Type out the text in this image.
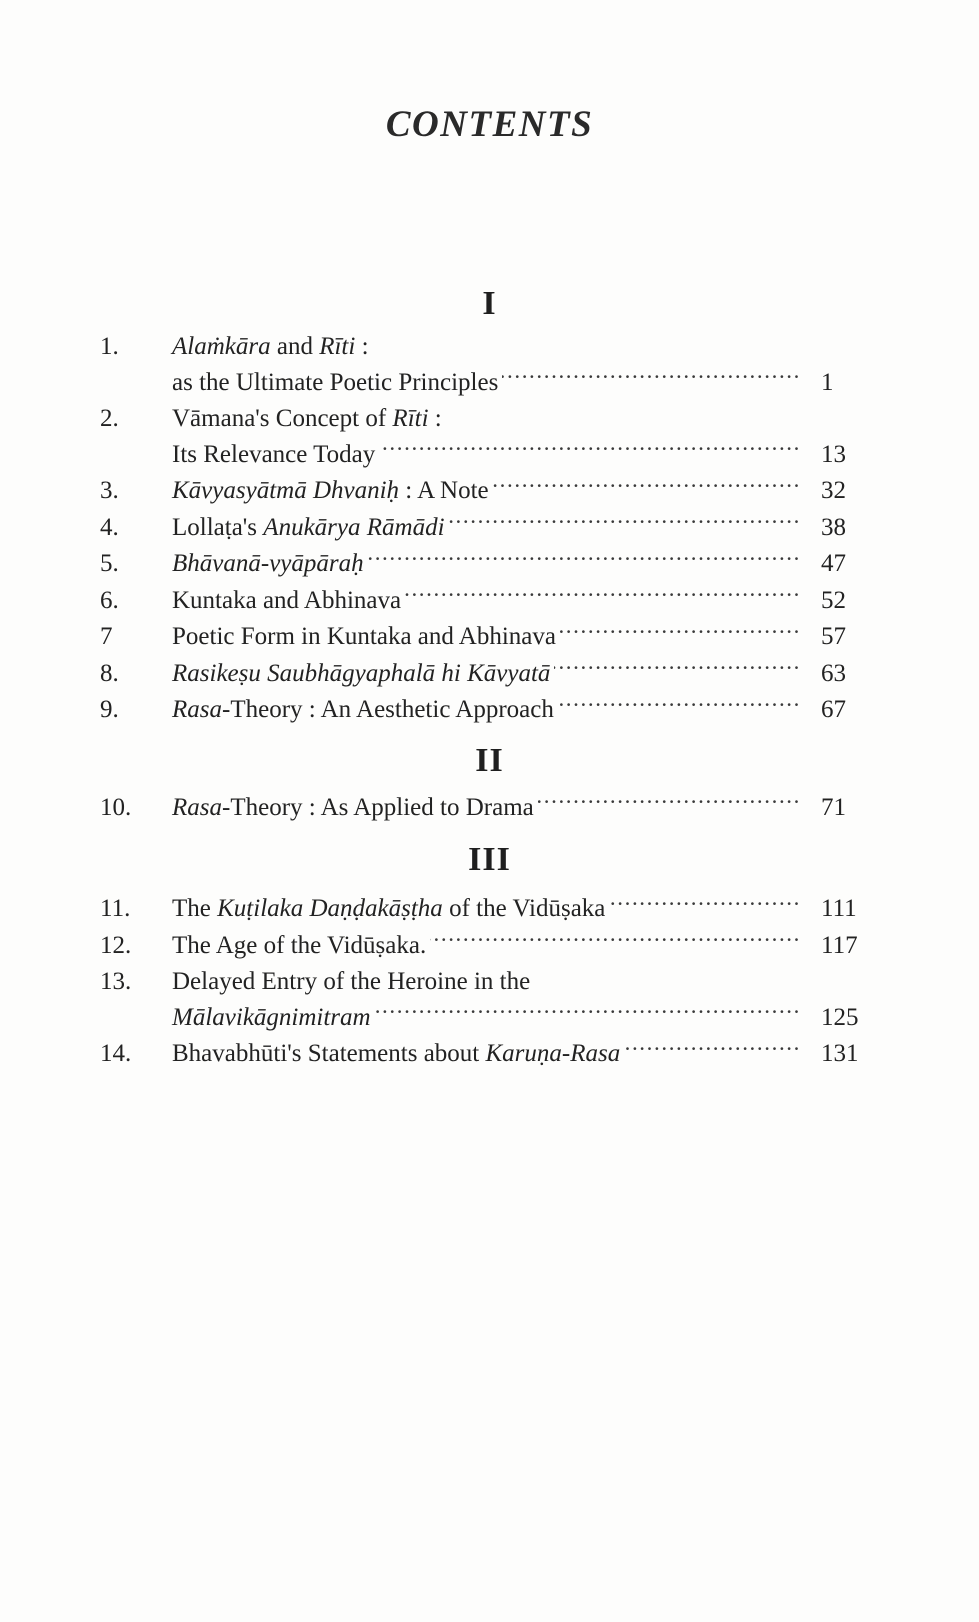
CONTENTS
I
1.	Alaṁkāra and Rīti :
as the Ultimate Poetic Principles .....	1
2.	Vāmana's Concept of Rīti :
Its Relevance Today .....	13
3.	Kāvyasyātmā Dhvaniḥ : A Note .....	32
4.	Lollaṭa's Anukārya Rāmādi .....	38
5.	Bhāvanā-vyāpāraḥ .....	47
6.	Kuntaka and Abhinava .....	52
7	Poetic Form in Kuntaka and Abhinava .....	57
8.	Rasikeṣu Saubhāgyaphalā hi Kāvyatā .....	63
9.	Rasa-Theory : An Aesthetic Approach .....	67
II
10.	Rasa-Theory : As Applied to Drama .....	71
III
11.	The Kuṭilaka Daṇḍakāṣṭha of the Vidūṣaka .....	111
12.	The Age of the Vidūṣaka. .....	117
13.	Delayed Entry of the Heroine in the
Mālavikāgnimitram .....	125
14.	Bhavabhūti's Statements about Karuṇa-Rasa .....	131
